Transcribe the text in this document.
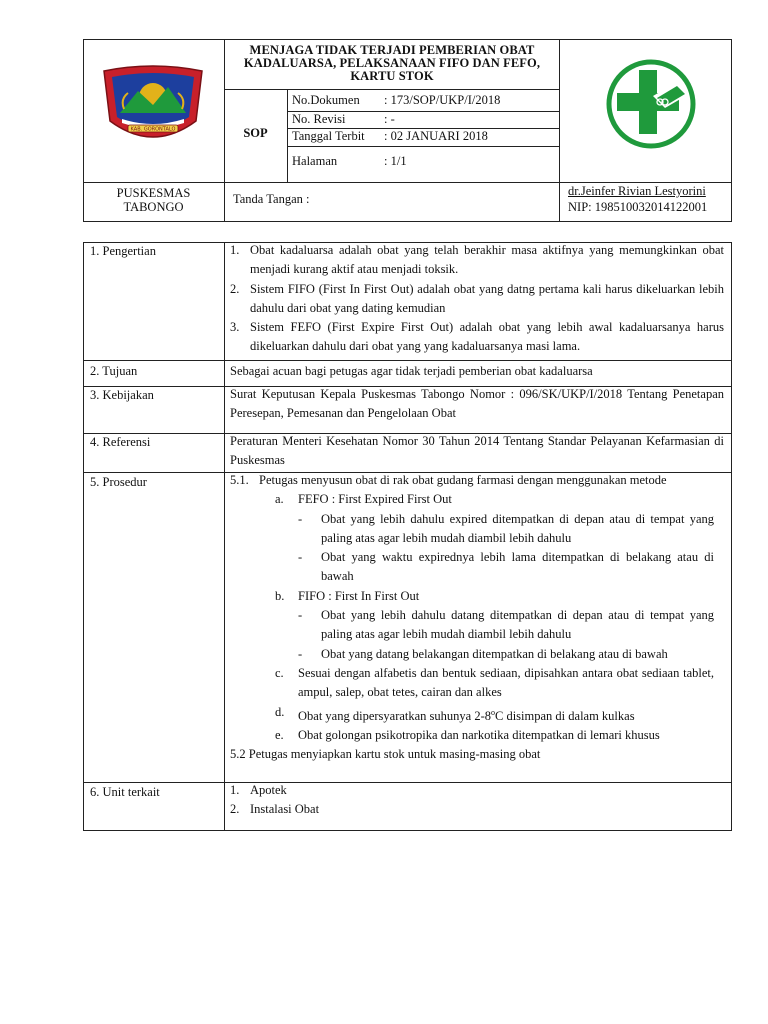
KAB. GORONTALO
MENJAGA TIDAK TERJADI PEMBERIAN OBAT KADALUARSA, PELAKSANAAN FIFO DAN FEFO, KARTU STOK
SOP
No.Dokumen : 173/SOP/UKP/I/2018
No. Revisi	: -
Tanggal Terbit : 02 JANUARI 2018
Halaman	: 1/1
PUSKESMAS
TABONGO
Tanda Tangan :
dr.Jeinfer Rivian Lestyorini
NIP: 198510032014122001
1. Pengertian	1. Obat kadaluarsa adalah obat yang telah berakhir masa aktifnya yang memungkinkan obat menjadi kurang aktif atau menjadi toksik.
2. Sistem FIFO (First In First Out) adalah obat yang datng pertama kali harus dikeluarkan lebih dahulu dari obat yang dating kemudian
3. Sistem FEFO (First Expire First Out) adalah obat yang lebih awal kadaluarsanya harus dikeluarkan dahulu dari obat yang yang kadaluarsanya masi lama.
2. Tujuan	Sebagai acuan bagi petugas agar tidak terjadi pemberian obat kadaluarsa
3. Kebijakan	Surat Keputusan Kepala Puskesmas Tabongo Nomor : 096/SK/UKP/I/2018 Tentang Penetapan Peresepan, Pemesanan dan Pengelolaan Obat
4. Referensi	Peraturan Menteri Kesehatan Nomor 30 Tahun 2014 Tentang Standar Pelayanan Kefarmasian di Puskesmas
5. Prosedur	5.1. Petugas menyusun obat di rak obat gudang farmasi dengan menggunakan metode
a.	FEFO : First Expired First Out
-	Obat yang lebih dahulu expired ditempatkan di depan atau di tempat yang paling atas agar lebih mudah diambil lebih dahulu
-	Obat yang waktu expirednya lebih lama ditempatkan di belakang atau di bawah
b.	FIFO : First In First Out
-	Obat yang lebih dahulu datang ditempatkan di depan atau di tempat yang paling atas agar lebih mudah diambil lebih dahulu
-	Obat yang datang belakangan ditempatkan di belakang atau di bawah
c.	Sesuai dengan alfabetis dan bentuk sediaan, dipisahkan antara obat sediaan tablet, ampul, salep, obat tetes, cairan dan alkes
d.	Obat yang dipersyaratkan suhunya 2-8$^o$C disimpan di dalam kulkas
e.	Obat golongan psikotropika dan narkotika ditempatkan di lemari khusus
5.2 Petugas menyiapkan kartu stok untuk masing-masing obat
6. Unit terkait	1. Apotek
2. Instalasi Obat
